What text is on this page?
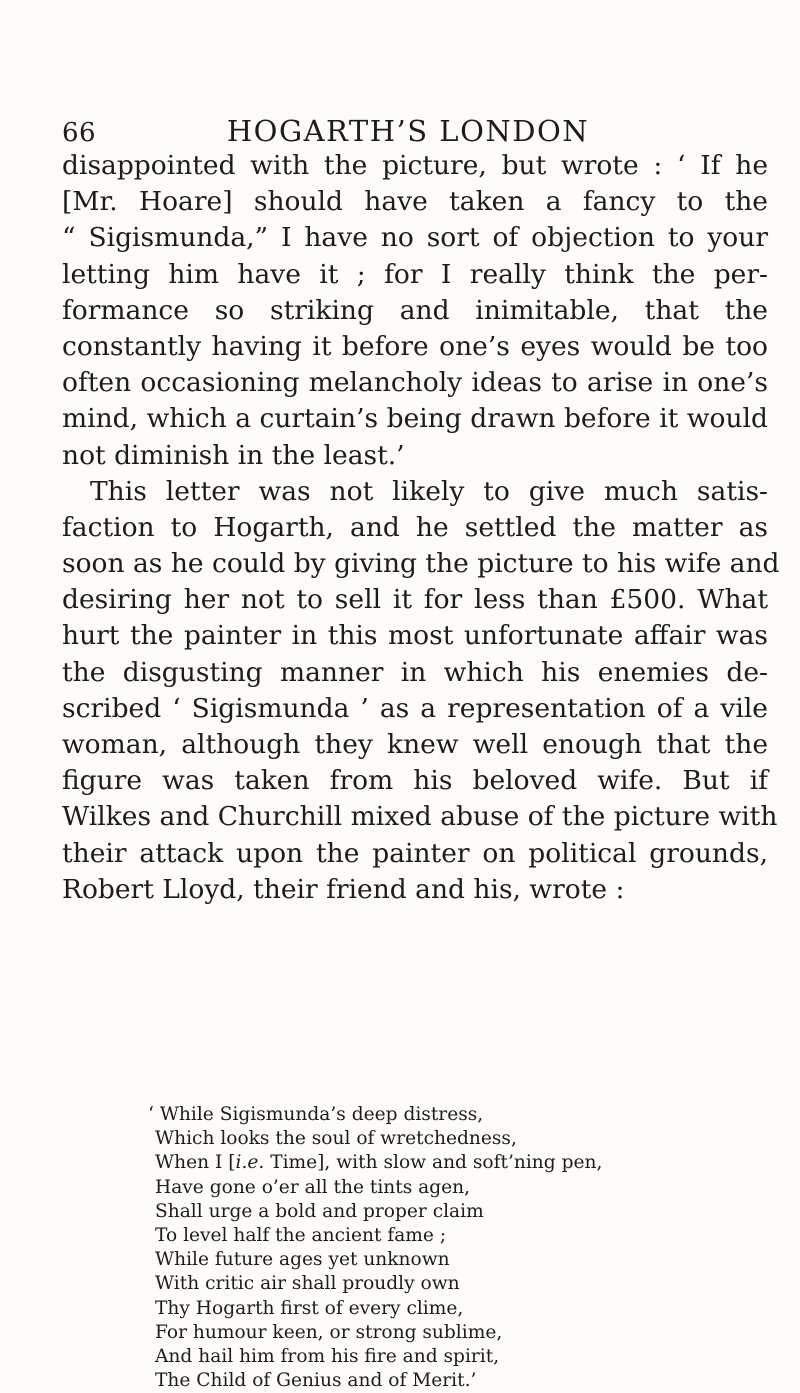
66	HOGARTH’S LONDON
disappointed with the picture, but wrote : ‘ If he
[Mr. Hoare] should have taken a fancy to the
“ Sigismunda,” I have no sort of objection to your
letting him have it ; for I really think the per-
formance so striking and inimitable, that the
constantly having it before one’s eyes would be too
often occasioning melancholy ideas to arise in one’s
mind, which a curtain’s being drawn before it would
not diminish in the least.’
This letter was not likely to give much satis-
faction to Hogarth, and he settled the matter as
soon as he could by giving the picture to his wife and
desiring her not to sell it for less than £500. What
hurt the painter in this most unfortunate affair was
the disgusting manner in which his enemies de-
scribed ‘ Sigismunda ’ as a representation of a vile
woman, although they knew well enough that the
figure was taken from his beloved wife. But if
Wilkes and Churchill mixed abuse of the picture with
their attack upon the painter on political grounds,
Robert Lloyd, their friend and his, wrote :
‘ While Sigismunda’s deep distress,
Which looks the soul of wretchedness,
When I [i.e. Time], with slow and soft’ning pen,
Have gone o’er all the tints agen,
Shall urge a bold and proper claim
To level half the ancient fame ;
While future ages yet unknown
With critic air shall proudly own
Thy Hogarth first of every clime,
For humour keen, or strong sublime,
And hail him from his fire and spirit,
The Child of Genius and of Merit.’
